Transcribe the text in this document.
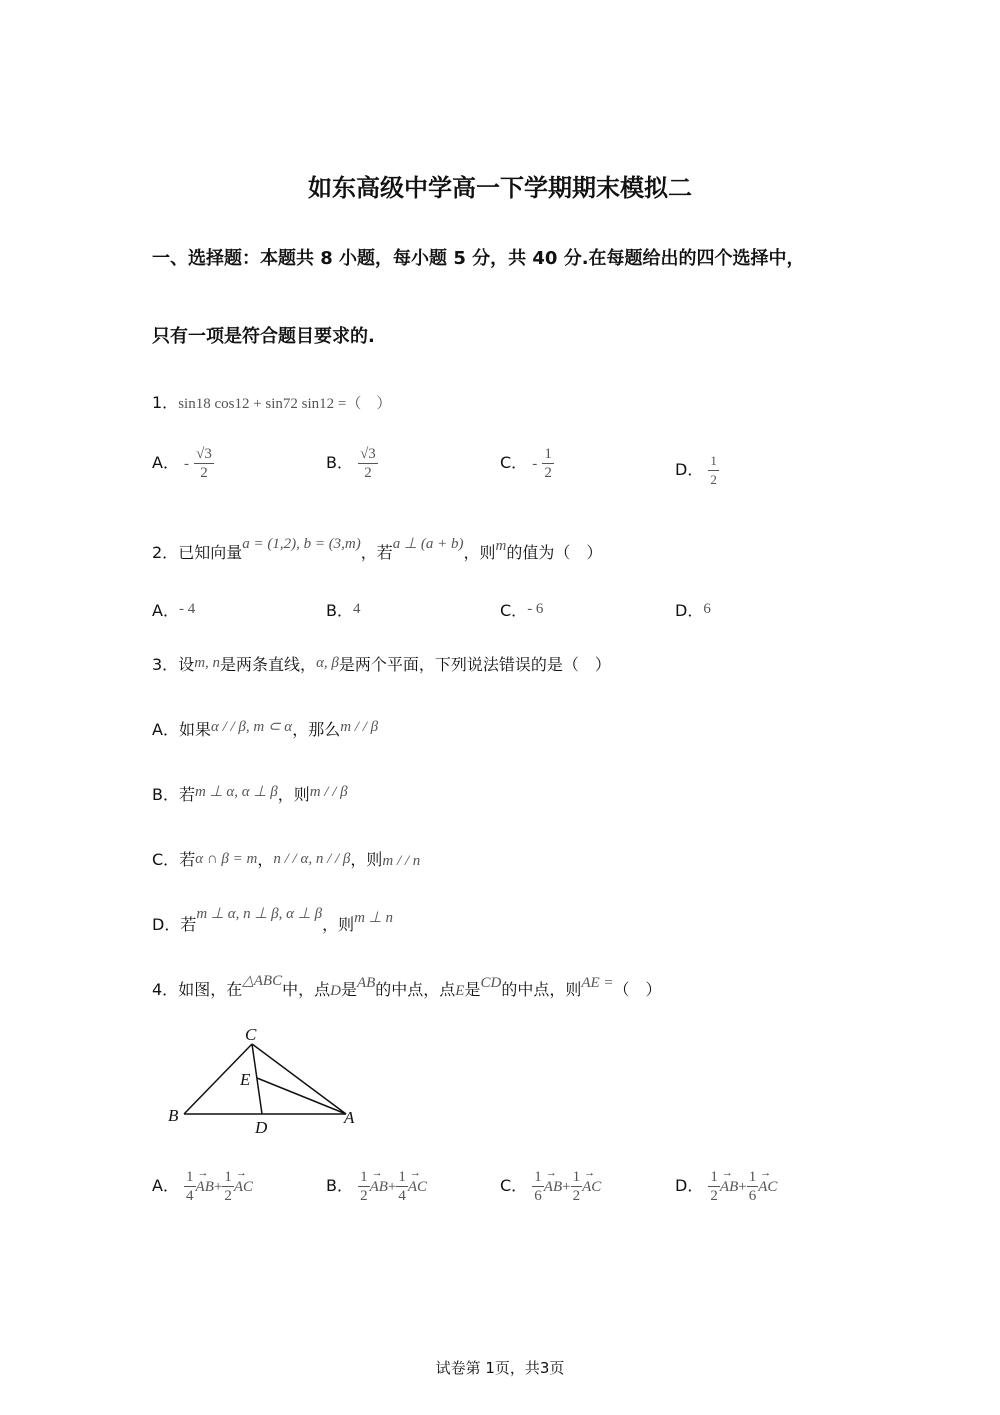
如东高级中学高一下学期期末模拟二
一、选择题：本题共 8 小题，每小题 5 分，共 40 分.在每题给出的四个选择中，
只有一项是符合题目要求的.
1．sin18 cos12 + sin72 sin12 =（　）
A． - $\frac{√3}{2}$	B． $\frac{√3}{2}$	C． - $\frac{1}{2}$	D． $\frac{1}{2}$
2．已知向量a = (1,2), b = (3,m)，若a ⊥ (a + b)，则m的值为（　）
A．- 4	B．4	C．- 6	D．6
3．设m, n是两条直线，α, β是两个平面，下列说法错误的是（　）
A．如果α / / β, m ⊂ α，那么m / / β
B．若m ⊥ α, α ⊥ β，则m / / β
C．若α ∩ β = m，n / / α, n / / β，则m / / n
D．若m ⊥ α, n ⊥ β, α ⊥ β，则m ⊥ n
4．如图，在△ABC中，点D是AB的中点，点E是CD的中点，则AE =（　）
C
E
B
D
A
A． $\frac{1}{4}$
→ $AB+ \frac{1}{2}$
→ AC	B． $\frac{1}{2}$
→ $AB+ \frac{1}{4}$
→ AC	C． $\frac{1}{6}$
→ $AB+ \frac{1}{2}$
→ AC	D． $\frac{1}{2}$
→ $AB+ \frac{1}{6}$
→ AC
试卷第 1页，共3页
